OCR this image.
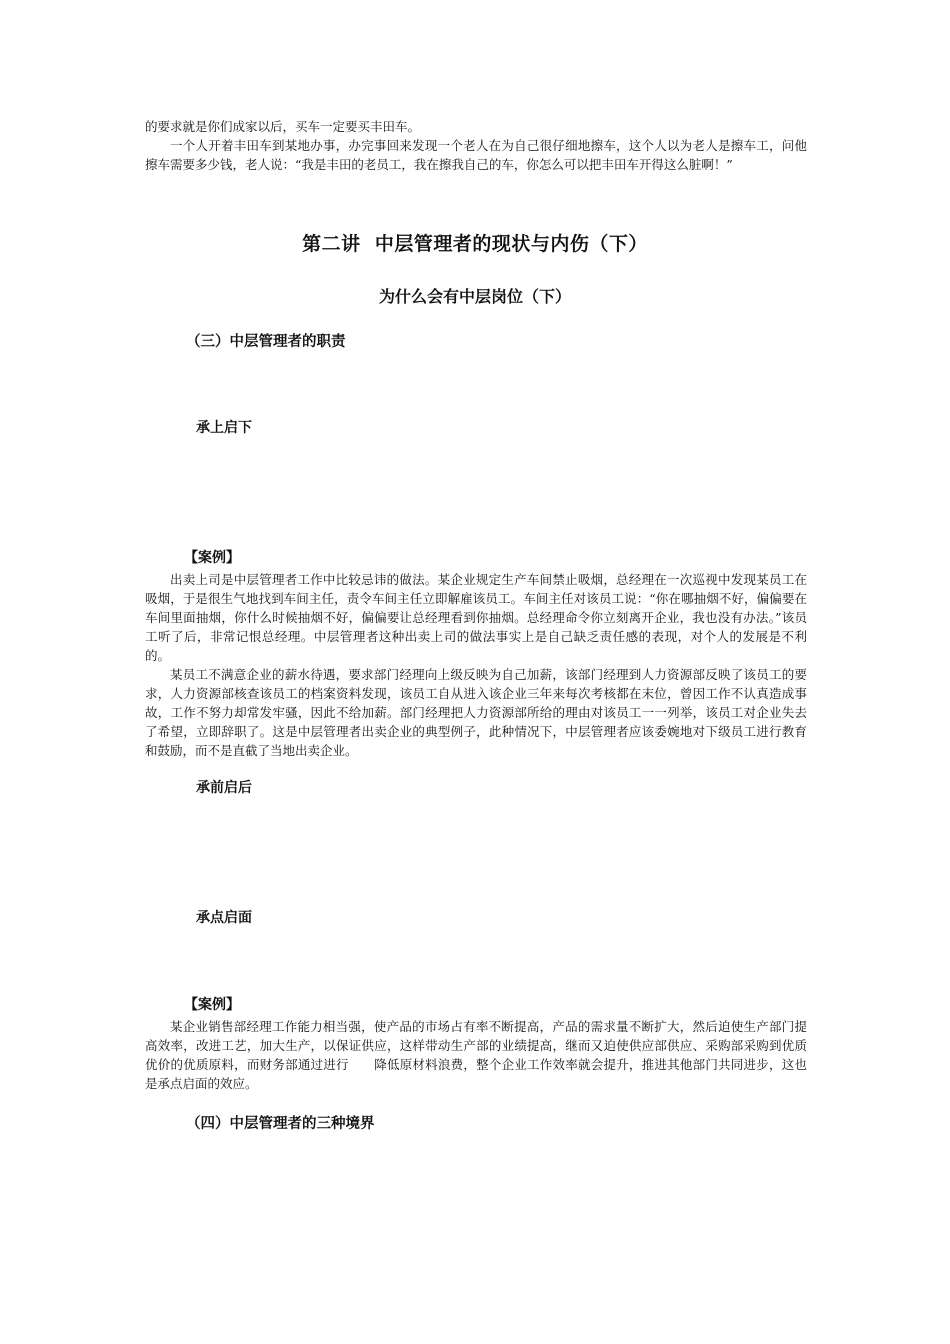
的要求就是你们成家以后，买车一定要买丰田车。
一个人开着丰田车到某地办事，办完事回来发现一个老人在为自己很仔细地擦车，这个人以为老人是擦车工，问他擦车需要多少钱，老人说：“我是丰田的老员工，我在擦我自己的车，你怎么可以把丰田车开得这么脏啊！”
第二讲  中层管理者的现状与内伤（下）
为什么会有中层岗位（下）
（三）中层管理者的职责
承上启下
【案例】
出卖上司是中层管理者工作中比较忌讳的做法。某企业规定生产车间禁止吸烟，总经理在一次巡视中发现某员工在吸烟，于是很生气地找到车间主任，责令车间主任立即解雇该员工。车间主任对该员工说：“你在哪抽烟不好，偏偏要在车间里面抽烟，你什么时候抽烟不好，偏偏要让总经理看到你抽烟。总经理命令你立刻离开企业，我也没有办法。”该员工听了后，非常记恨总经理。中层管理者这种出卖上司的做法事实上是自己缺乏责任感的表现，对个人的发展是不利的。
某员工不满意企业的薪水待遇，要求部门经理向上级反映为自己加薪，该部门经理到人力资源部反映了该员工的要求，人力资源部核查该员工的档案资料发现，该员工自从进入该企业三年来每次考核都在末位，曾因工作不认真造成事故，工作不努力却常发牢骚，因此不给加薪。部门经理把人力资源部所给的理由对该员工一一列举，该员工对企业失去了希望，立即辞职了。这是中层管理者出卖企业的典型例子，此种情况下，中层管理者应该委婉地对下级员工进行教育和鼓励，而不是直截了当地出卖企业。
承前启后
承点启面
【案例】
某企业销售部经理工作能力相当强，使产品的市场占有率不断提高，产品的需求量不断扩大，然后迫使生产部门提高效率，改进工艺，加大生产，以保证供应，这样带动生产部的业绩提高，继而又迫使供应部供应、采购部采购到优质优价的优质原料，而财务部通过进行　　降低原材料浪费，整个企业工作效率就会提升，推进其他部门共同进步，这也是承点启面的效应。
（四）中层管理者的三种境界
